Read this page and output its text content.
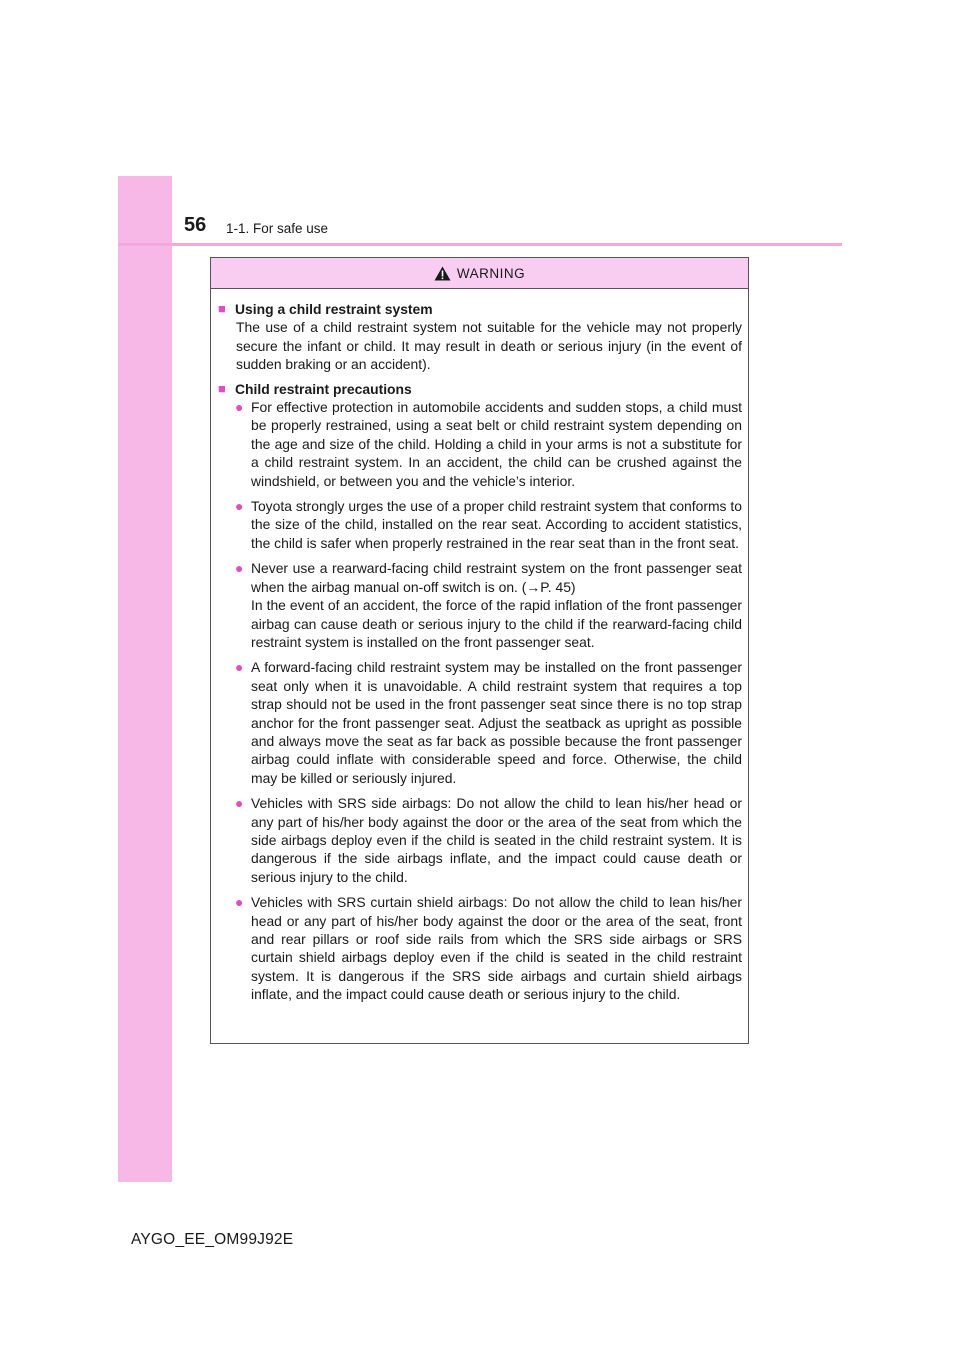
56 1-1. For safe use
WARNING
■ Using a child restraint system
The use of a child restraint system not suitable for the vehicle may not properly secure the infant or child. It may result in death or serious injury (in the event of sudden braking or an accident).
■ Child restraint precautions
● For effective protection in automobile accidents and sudden stops, a child must be properly restrained, using a seat belt or child restraint system depending on the age and size of the child. Holding a child in your arms is not a substitute for a child restraint system. In an accident, the child can be crushed against the windshield, or between you and the vehicle’s interior.

● Toyota strongly urges the use of a proper child restraint system that conforms to the size of the child, installed on the rear seat. According to accident statistics, the child is safer when properly restrained in the rear seat than in the front seat.

● Never use a rearward-facing child restraint system on the front passenger seat when the airbag manual on-off switch is on. (→P. 45)

In the event of an accident, the force of the rapid inflation of the front passenger airbag can cause death or serious injury to the child if the rearward-facing child restraint system is installed on the front passenger seat.

● A forward-facing child restraint system may be installed on the front passenger seat only when it is unavoidable. A child restraint system that requires a top strap should not be used in the front passenger seat since there is no top strap anchor for the front passenger seat. Adjust the seatback as upright as possible and always move the seat as far back as possible because the front passenger airbag could inflate with considerable speed and force. Otherwise, the child may be killed or seriously injured.

● Vehicles with SRS side airbags: Do not allow the child to lean his/her head or any part of his/her body against the door or the area of the seat from which the side airbags deploy even if the child is seated in the child restraint system. It is dangerous if the side airbags inflate, and the impact could cause death or serious injury to the child.

● Vehicles with SRS curtain shield airbags: Do not allow the child to lean his/her head or any part of his/her body against the door or the area of the seat, front and rear pillars or roof side rails from which the SRS side airbags or SRS curtain shield airbags deploy even if the child is seated in the child restraint system. It is dangerous if the SRS side airbags and curtain shield airbags inflate, and the impact could cause death or serious injury to the child.

AYGO_EE_OM99J92E
